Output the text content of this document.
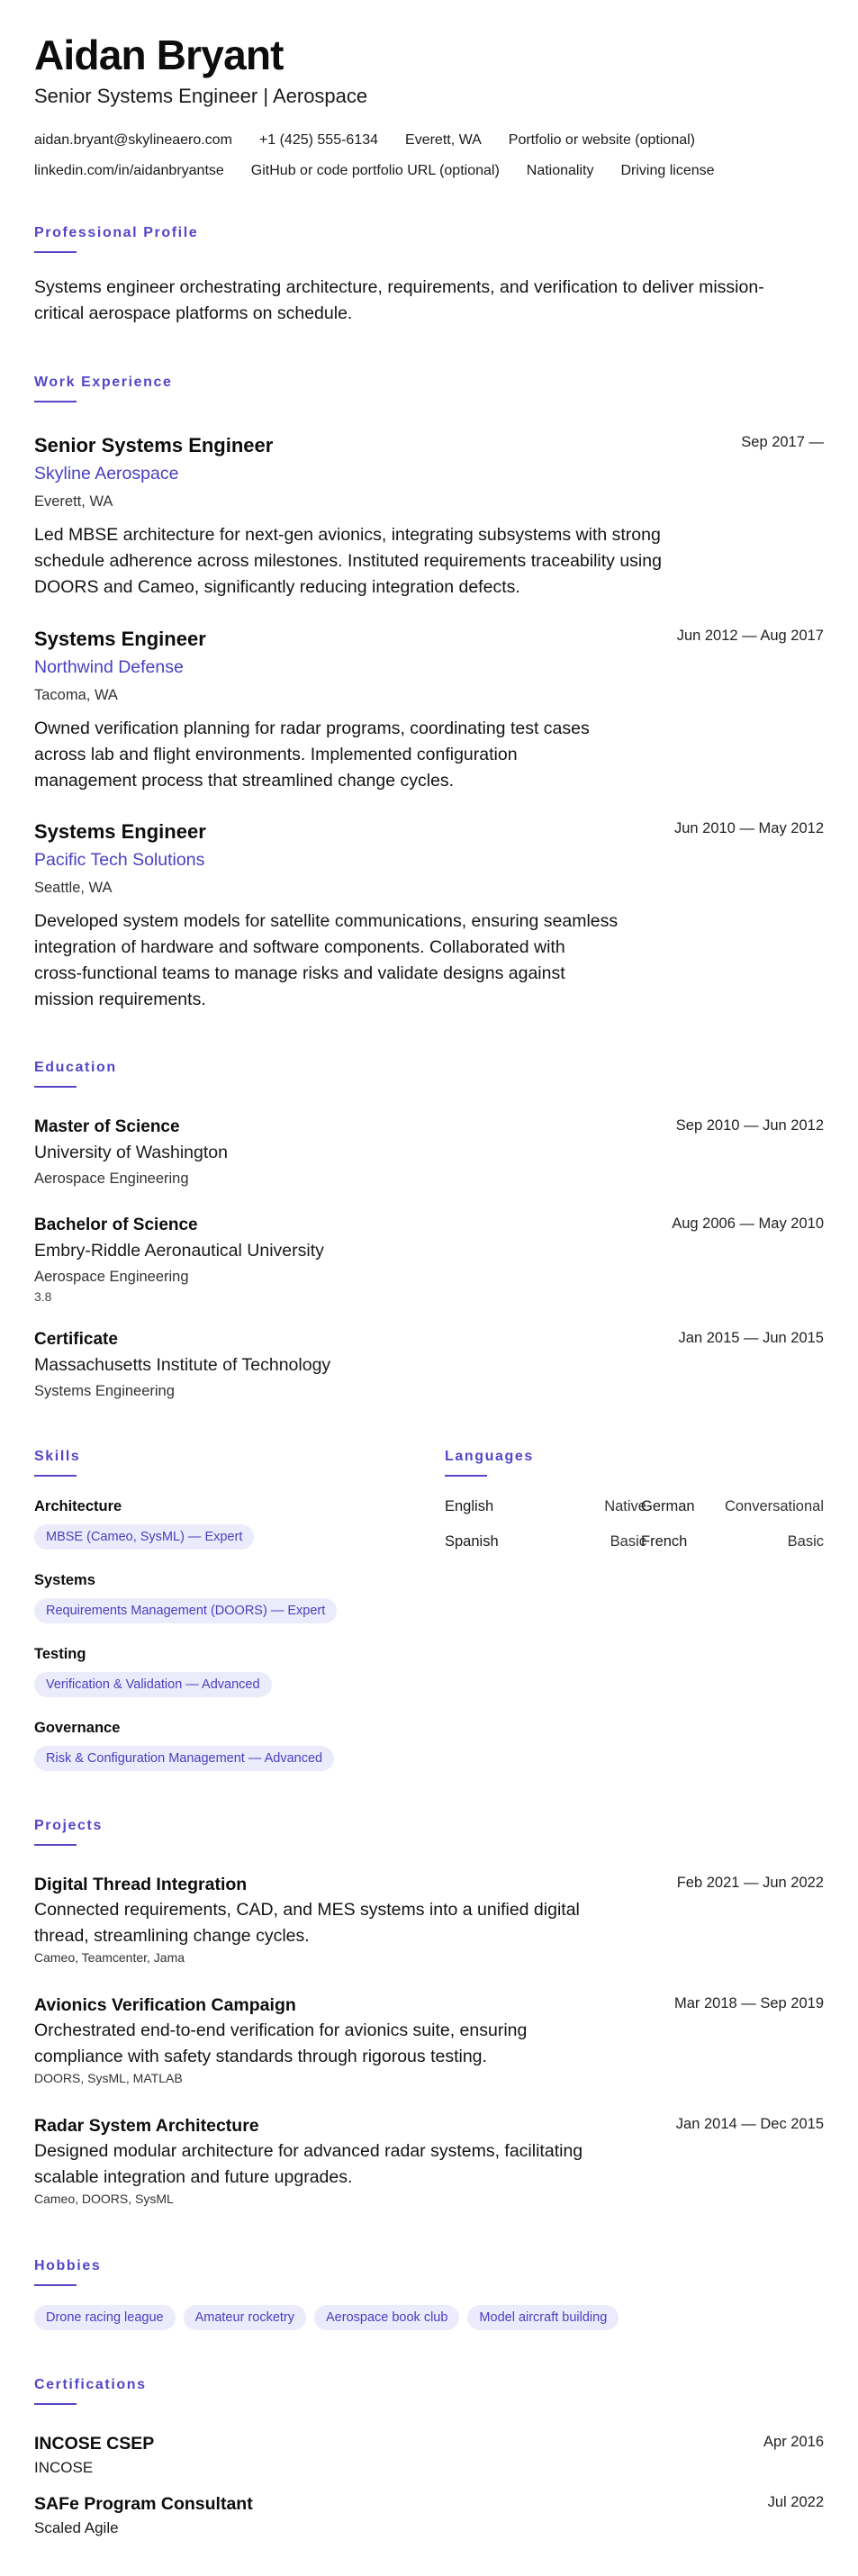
Aidan Bryant
Senior Systems Engineer | Aerospace
aidan.bryant@skylineaero.com +1 (425) 555-6134 Everett, WA Portfolio or website (optional)
linkedin.com/in/aidanbryantse GitHub or code portfolio URL (optional) Nationality Driving license
Professional Profile
Systems engineer orchestrating architecture, requirements, and verification to deliver mission-
critical aerospace platforms on schedule.
Work Experience
Senior Systems Engineer	Sep 2017 —
Skyline Aerospace
Everett, WA
Led MBSE architecture for next-gen avionics, integrating subsystems with strong
schedule adherence across milestones. Instituted requirements traceability using
DOORS and Cameo, significantly reducing integration defects.
Systems Engineer	Jun 2012 — Aug 2017
Northwind Defense
Tacoma, WA
Owned verification planning for radar programs, coordinating test cases
across lab and flight environments. Implemented configuration
management process that streamlined change cycles.
Systems Engineer	Jun 2010 — May 2012
Pacific Tech Solutions
Seattle, WA
Developed system models for satellite communications, ensuring seamless
integration of hardware and software components. Collaborated with
cross-functional teams to manage risks and validate designs against
mission requirements.
Education
Master of Science	Sep 2010 — Jun 2012
University of Washington
Aerospace Engineering
Bachelor of Science	Aug 2006 — May 2010
Embry-Riddle Aeronautical University
Aerospace Engineering
3.8
Certificate	Jan 2015 — Jun 2015
Massachusetts Institute of Technology
Systems Engineering
Skills
Architecture
MBSE (Cameo, SysML) — Expert
Systems
Requirements Management (DOORS) — Expert
Testing
Verification & Validation — Advanced
Governance
Risk & Configuration Management — Advanced
Languages
English	Native
German	Conversational
Spanish	Basic
French	Basic
Projects
Digital Thread Integration	Feb 2021 — Jun 2022
Connected requirements, CAD, and MES systems into a unified digital
thread, streamlining change cycles.
Cameo, Teamcenter, Jama
Avionics Verification Campaign	Mar 2018 — Sep 2019
Orchestrated end-to-end verification for avionics suite, ensuring
compliance with safety standards through rigorous testing.
DOORS, SysML, MATLAB
Radar System Architecture	Jan 2014 — Dec 2015
Designed modular architecture for advanced radar systems, facilitating
scalable integration and future upgrades.
Cameo, DOORS, SysML
Hobbies
Drone racing league	Amateur rocketry	Aerospace book club	Model aircraft building
Certifications
INCOSE CSEP	Apr 2016
INCOSE
SAFe Program Consultant	Jul 2022
Scaled Agile
